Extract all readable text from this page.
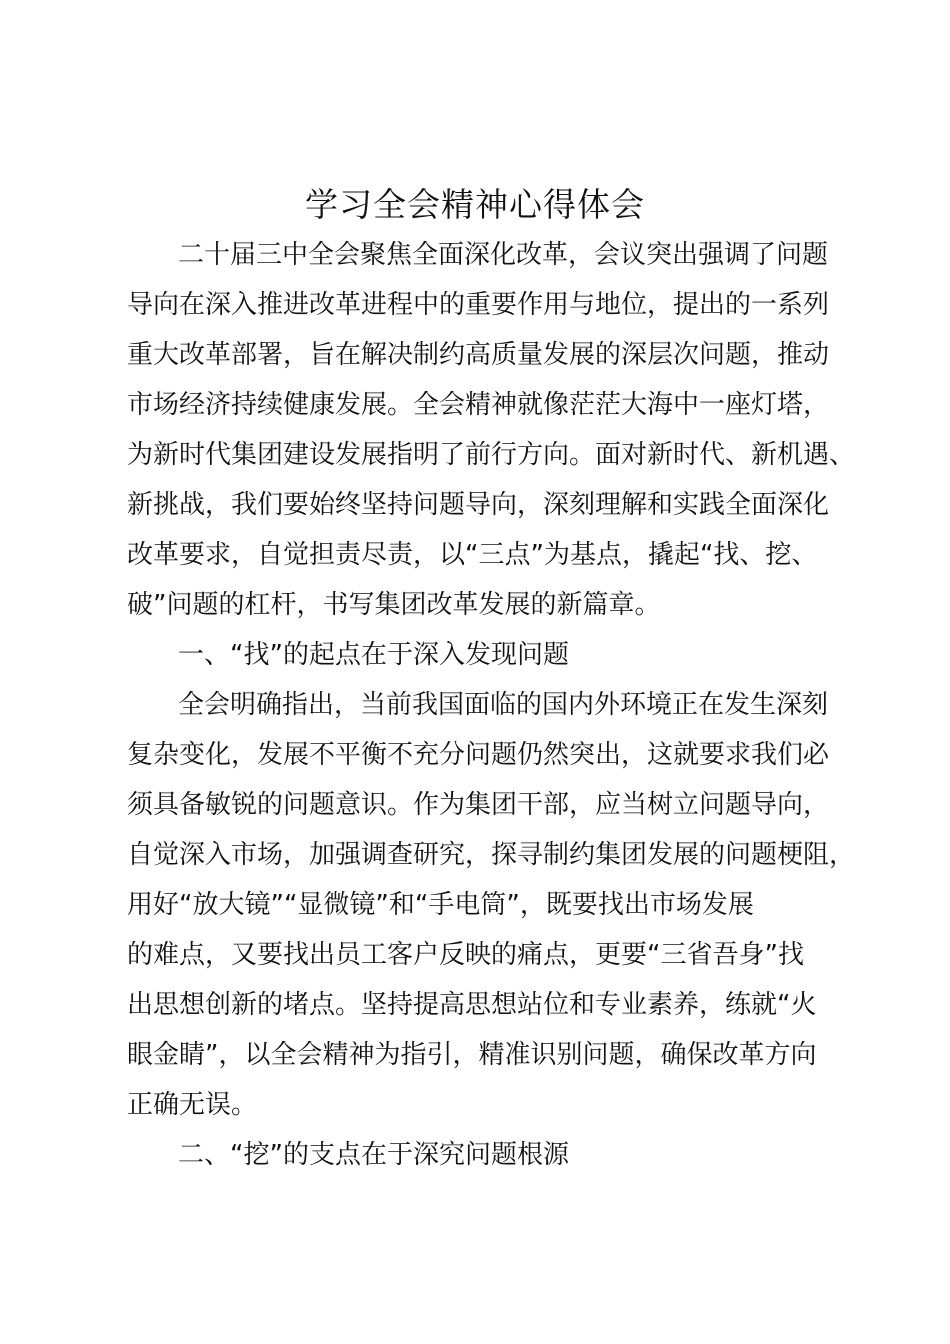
学习全会精神心得体会
二十届三中全会聚焦全面深化改革，会议突出强调了问题
导向在深入推进改革进程中的重要作用与地位，提出的一系列
重大改革部署，旨在解决制约高质量发展的深层次问题，推动
市场经济持续健康发展。全会精神就像茫茫大海中一座灯塔，
为新时代集团建设发展指明了前行方向。面对新时代、新机遇、
新挑战，我们要始终坚持问题导向，深刻理解和实践全面深化
改革要求，自觉担责尽责，以“三点”为基点，撬起“找、挖、
破”问题的杠杆，书写集团改革发展的新篇章。
一、“找”的起点在于深入发现问题
全会明确指出，当前我国面临的国内外环境正在发生深刻
复杂变化，发展不平衡不充分问题仍然突出，这就要求我们必
须具备敏锐的问题意识。作为集团干部，应当树立问题导向，
自觉深入市场，加强调查研究，探寻制约集团发展的问题梗阻，
用好“放大镜”“显微镜”和“手电筒”，既要找出市场发展
的难点，又要找出员工客户反映的痛点，更要“三省吾身”找
出思想创新的堵点。坚持提高思想站位和专业素养，练就“火
眼金睛”，以全会精神为指引，精准识别问题，确保改革方向
正确无误。
二、“挖”的支点在于深究问题根源
